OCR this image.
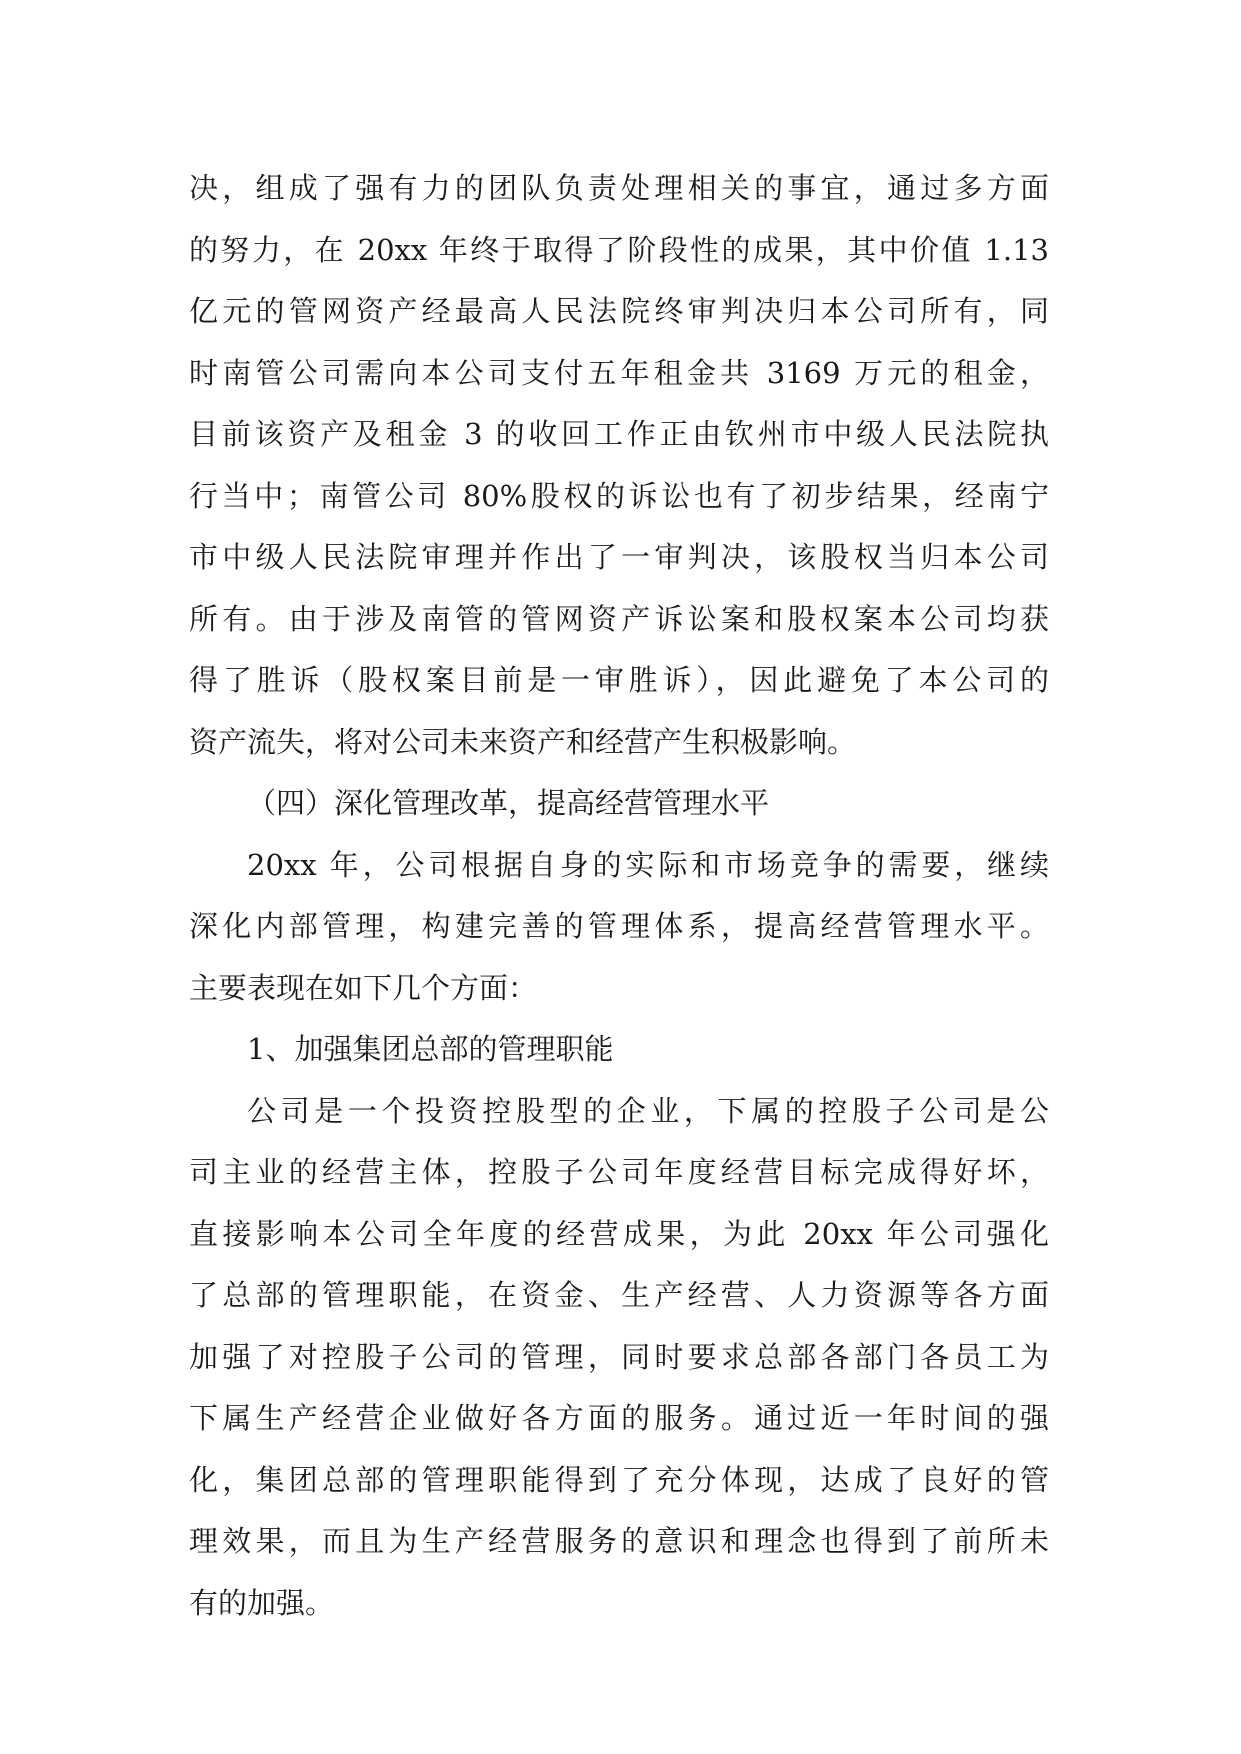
决，组成了强有力的团队负责处理相关的事宜，通过多方面
的努力，在 20xx 年终于取得了阶段性的成果，其中价值 1.13
亿元的管网资产经最高人民法院终审判决归本公司所有，同
时南管公司需向本公司支付五年租金共 3169 万元的租金，
目前该资产及租金 3 的收回工作正由钦州市中级人民法院执
行当中；南管公司 80%股权的诉讼也有了初步结果，经南宁
市中级人民法院审理并作出了一审判决，该股权当归本公司
所有。由于涉及南管的管网资产诉讼案和股权案本公司均获
得了胜诉（股权案目前是一审胜诉），因此避免了本公司的
资产流失，将对公司未来资产和经营产生积极影响。
（四）深化管理改革，提高经营管理水平
20xx 年，公司根据自身的实际和市场竞争的需要，继续
深化内部管理，构建完善的管理体系，提高经营管理水平。
主要表现在如下几个方面：
1、加强集团总部的管理职能
公司是一个投资控股型的企业，下属的控股子公司是公
司主业的经营主体，控股子公司年度经营目标完成得好坏，
直接影响本公司全年度的经营成果，为此 20xx 年公司强化
了总部的管理职能，在资金、生产经营、人力资源等各方面
加强了对控股子公司的管理，同时要求总部各部门各员工为
下属生产经营企业做好各方面的服务。通过近一年时间的强
化，集团总部的管理职能得到了充分体现，达成了良好的管
理效果，而且为生产经营服务的意识和理念也得到了前所未
有的加强。
